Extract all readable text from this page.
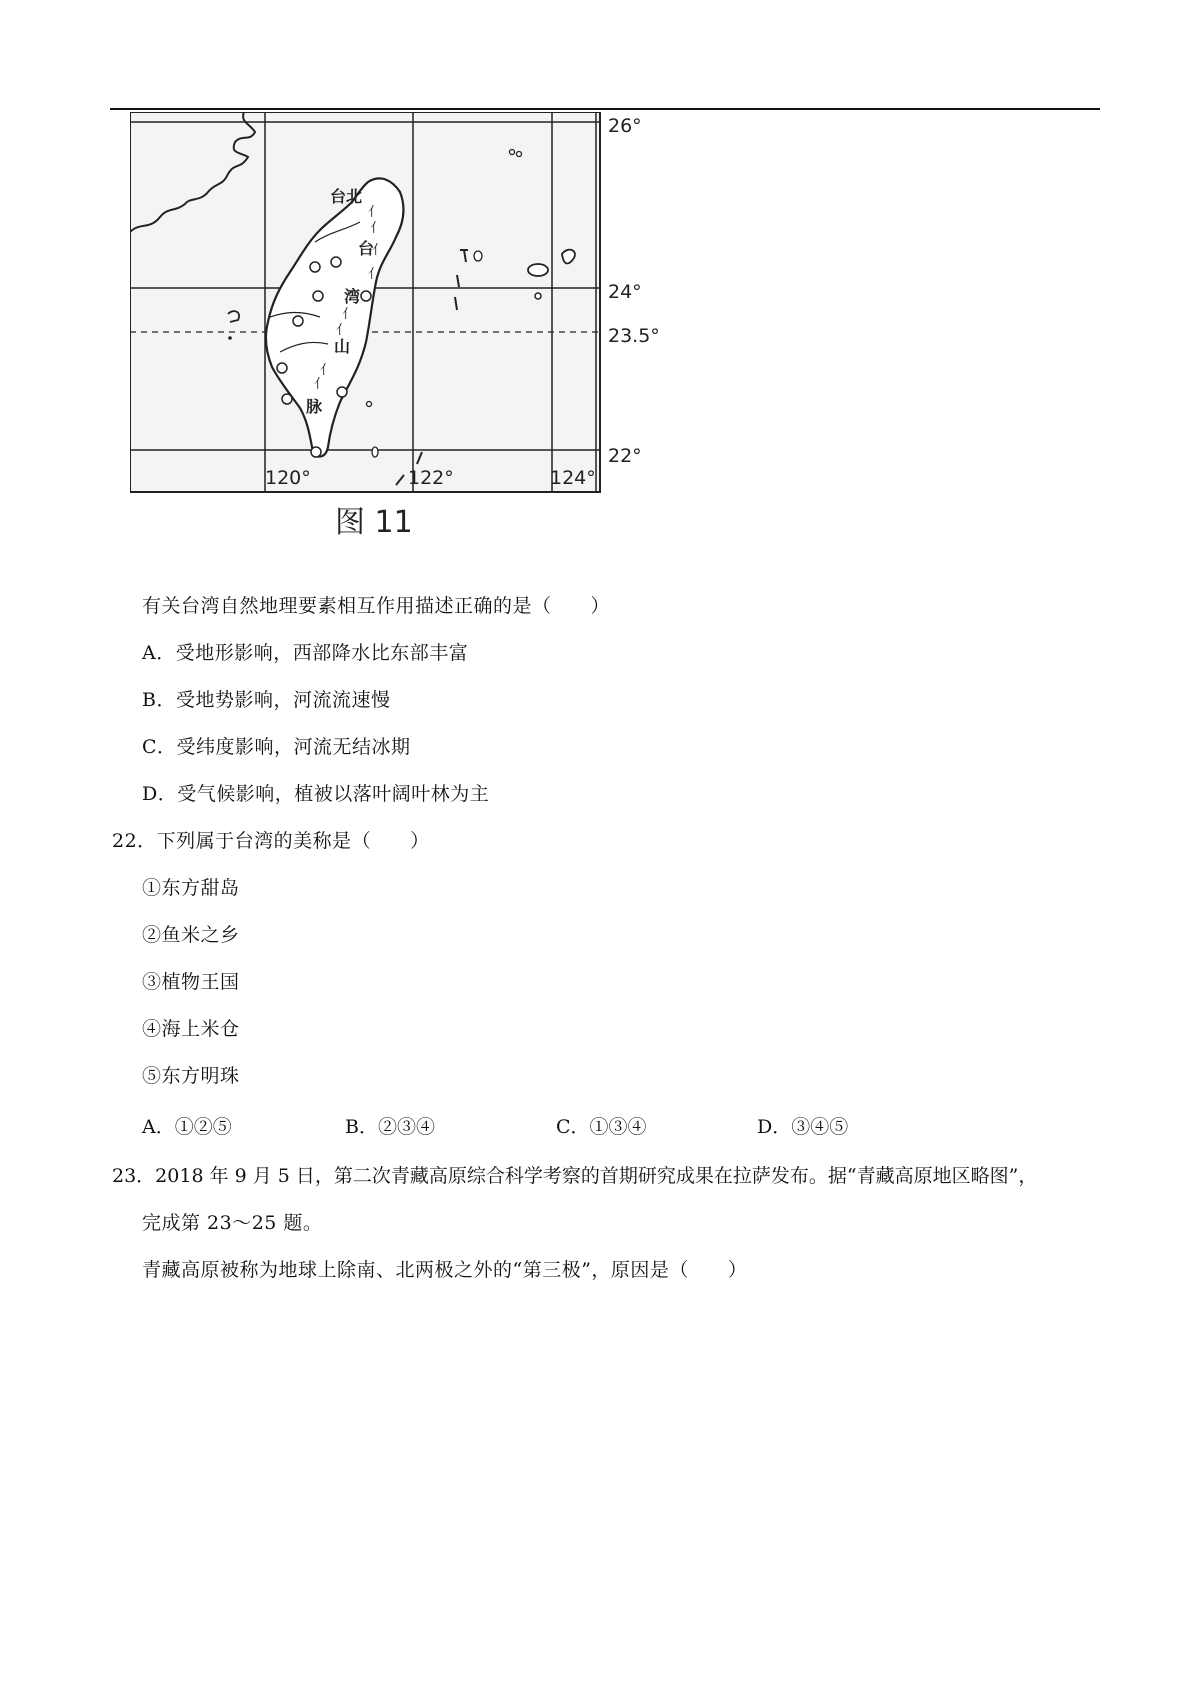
⺅
⺅
⺅
⺅
⺅
⺅
⺅
⺅
26°
24°
23.5°
22°
120°	122°	124°
台北
台
湾
山
脉
图 11
有关台湾自然地理要素相互作用描述正确的是（　　）
A．受地形影响，西部降水比东部丰富
B．受地势影响，河流流速慢
C．受纬度影响，河流无结冰期
D．受气候影响，植被以落叶阔叶林为主
22．下列属于台湾的美称是（　　）
①东方甜岛
②鱼米之乡
③植物王国
④海上米仓
⑤东方明珠
A．①②⑤	B．②③④	C．①③④	D．③④⑤
23．2018 年 9 月 5 日，第二次青藏高原综合科学考察的首期研究成果在拉萨发布。据“青藏高原地区略图”，
完成第 23～25 题。
青藏高原被称为地球上除南、北两极之外的“第三极”，原因是（　　）
